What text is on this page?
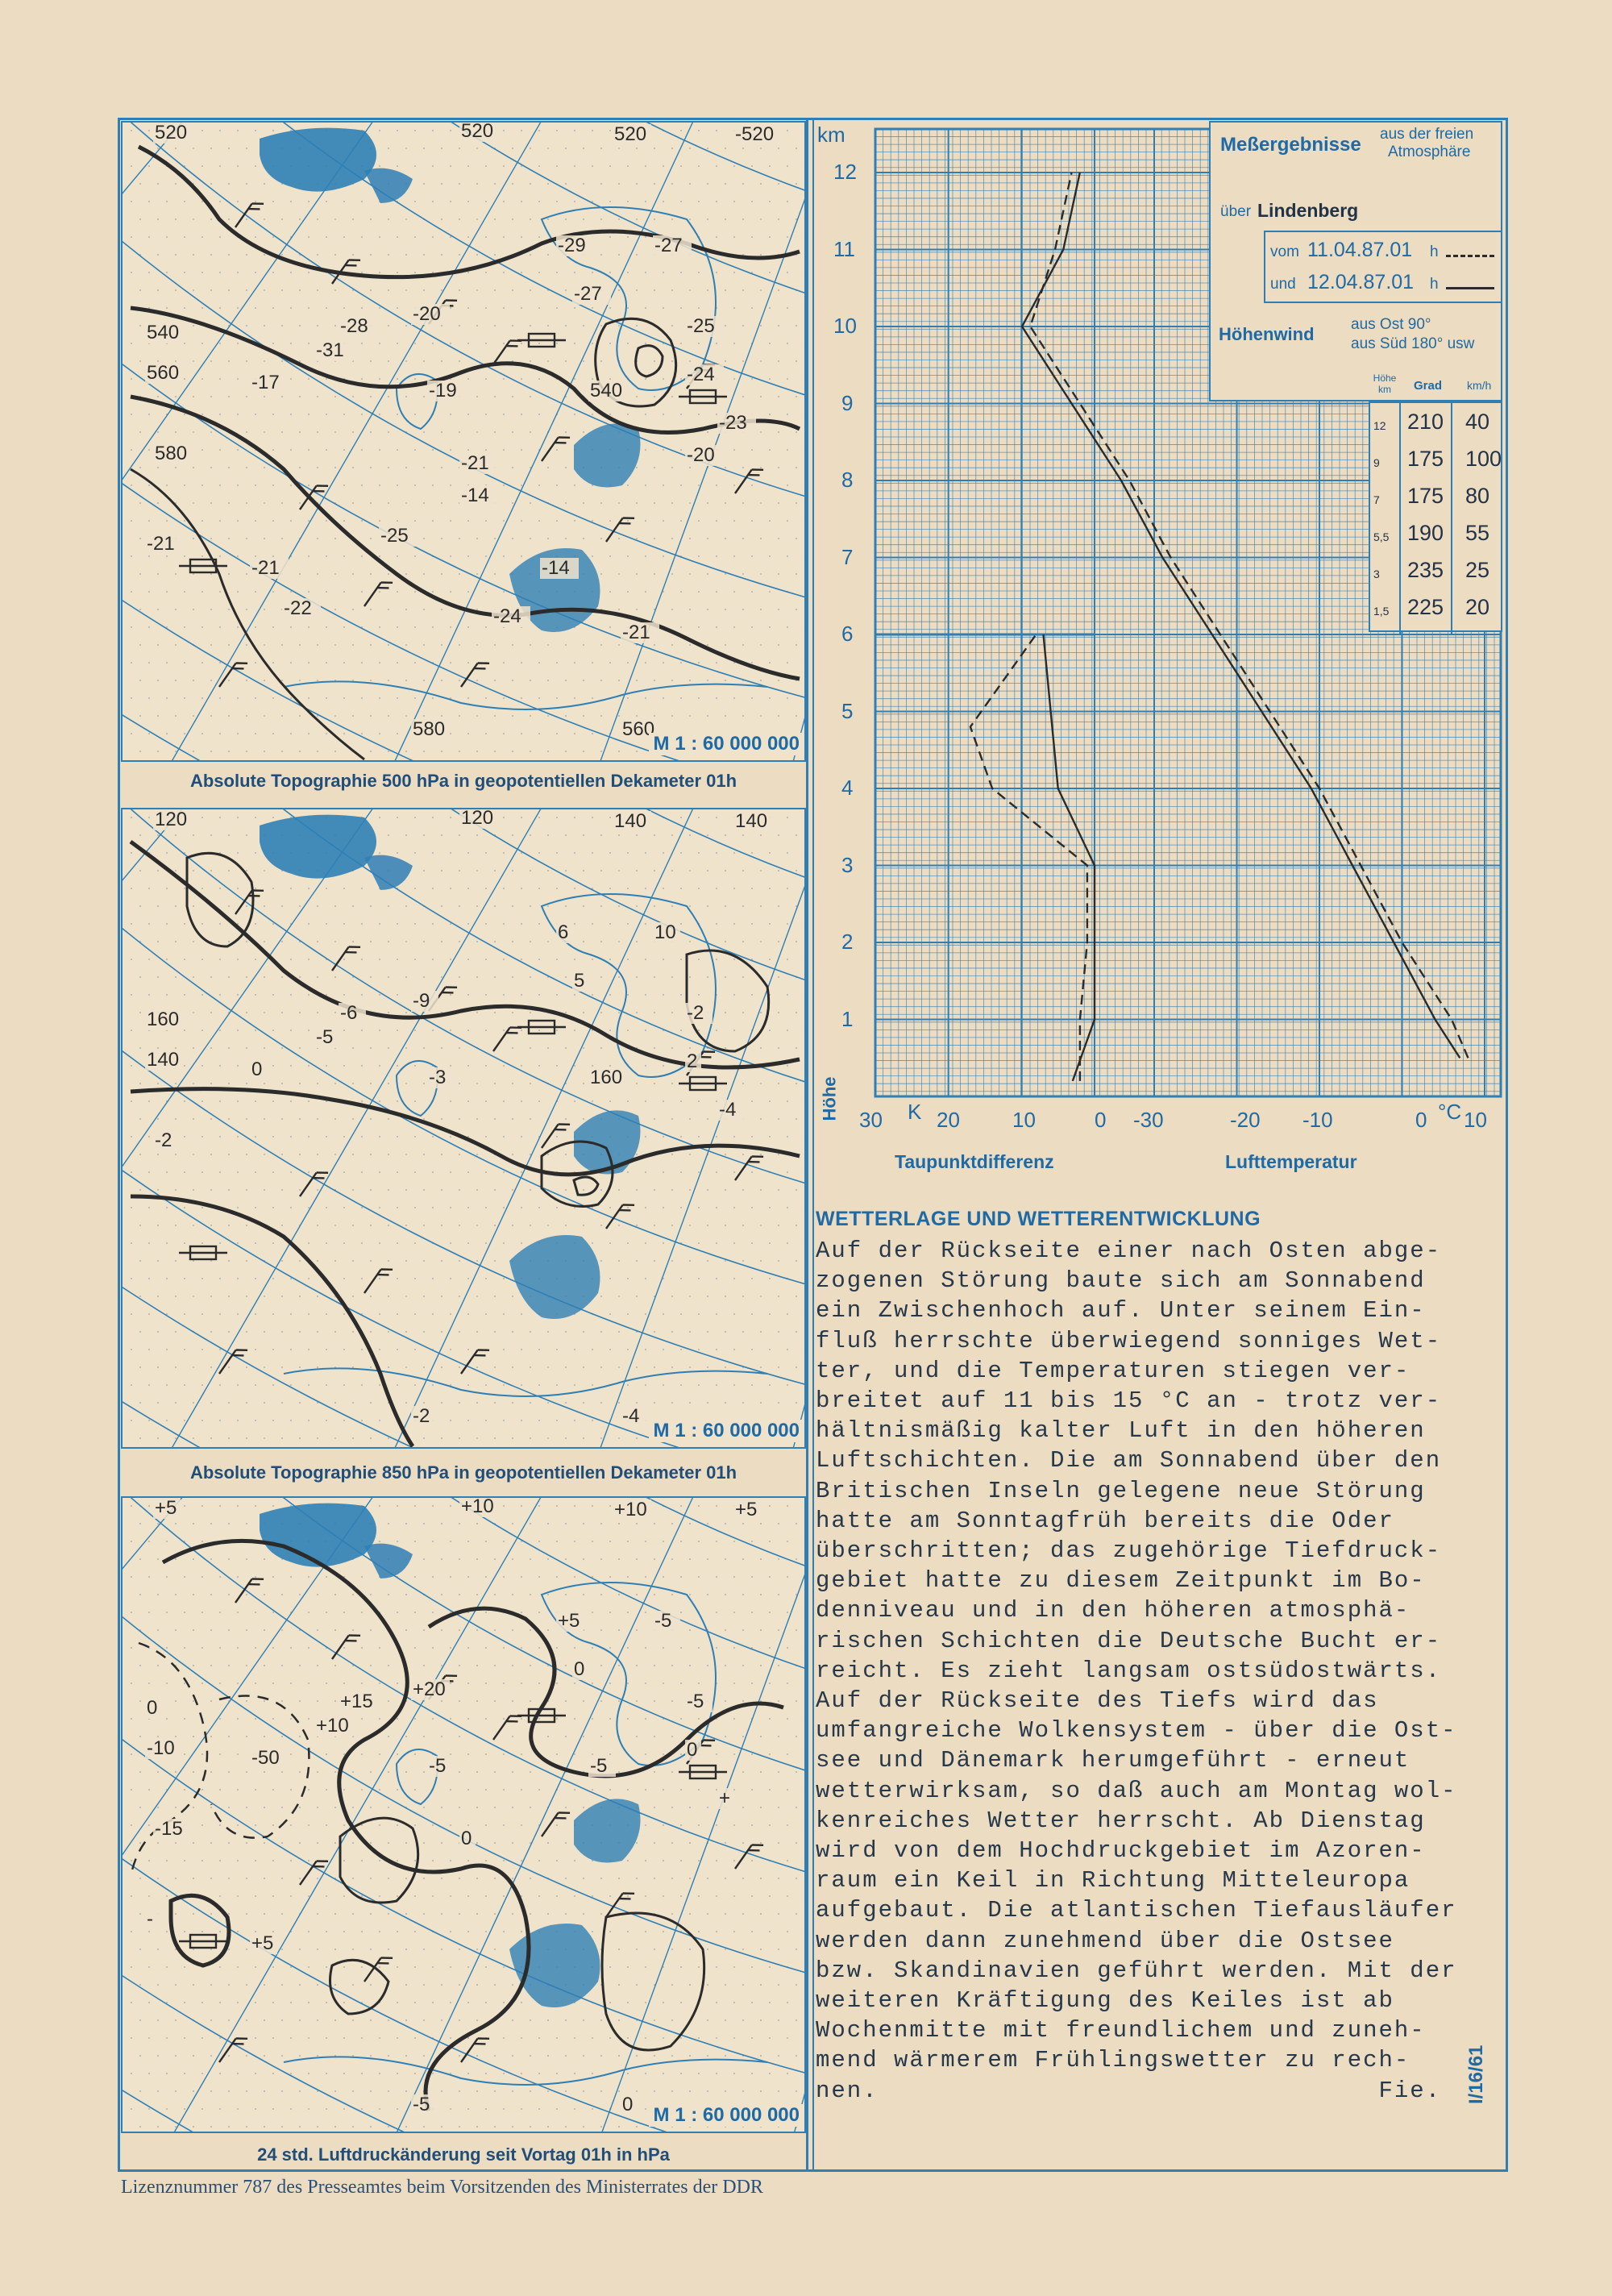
520	520	520	-520
540
540
560
580
580	560
-31
-28
-20
-19
-17
-27
-29	-27
-25
-24
-23
-21
-21
-21
-14
-14
-20
-21
-24
-22
-25
M 1 : 60 000 000
Absolute Topographie 500 hPa in geopotentiellen Dekameter 01h
120	120	140	140
160
160
140
-2
-2	-4
-5
-6
-9
-3
0
5
6	10
-2
2
-4
M 1 : 60 000 000
Absolute Topographie 850 hPa in geopotentiellen Dekameter 01h
+5	+10	+10	+5
0
-5
-10
-15
-5	0
+10
+15
+20
-5
-50
0
+5	-5
-5
0
+
-
+5
0
M 1 : 60 000 000
24 std. Luftdruckänderung seit Vortag 01h in hPa
km
Höhe
1
2
3
4
5
6
7
8
9
10
11
12
30 K 20	10	0 -30	-20 -10	0 °C 10
Taupunktdifferenz	Lufttemperatur
Meßergebnisse aus der freien
Atmosphäre
über Lindenberg
vom 11.04.87.01 h
und 12.04.87.01 h
Höhenwind aus Ost 90°
aus Süd 180° usw
Höhe km	Grad km/h
12 210 40
9 175 100
7 175 80
5,5 190 55
3 235 25
1,5 225 20
WETTERLAGE UND WETTERENTWICKLUNG
Auf der Rückseite einer nach Osten abge-
zogenen Störung baute sich am Sonnabend
ein Zwischenhoch auf. Unter seinem Ein-
fluß herrschte überwiegend sonniges Wet-
ter, und die Temperaturen stiegen ver-
breitet auf 11 bis 15 °C an - trotz ver-
hältnismäßig kalter Luft in den höheren
Luftschichten. Die am Sonnabend über den
Britischen Inseln gelegene neue Störung
hatte am Sonntagfrüh bereits die Oder
überschritten; das zugehörige Tiefdruck-
gebiet hatte zu diesem Zeitpunkt im Bo-
denniveau und in den höheren atmosphä-
rischen Schichten die Deutsche Bucht er-
reicht. Es zieht langsam ostsüdostwärts.
Auf der Rückseite des Tiefs wird das
umfangreiche Wolkensystem - über die Ost-
see und Dänemark herumgeführt - erneut
wetterwirksam, so daß auch am Montag wol-
kenreiches Wetter herrscht. Ab Dienstag
wird von dem Hochdruckgebiet im Azoren-
raum ein Keil in Richtung Mitteleuropa
aufgebaut. Die atlantischen Tiefausläufer
werden dann zunehmend über die Ostsee
bzw. Skandinavien geführt werden. Mit der
weiteren Kräftigung des Keiles ist ab
Wochenmitte mit freundlichem und zuneh-
mend wärmerem Frühlingswetter zu rech-
nen.                                Fie.
Lizenznummer 787 des Presseamtes beim Vorsitzenden des Ministerrates der DDR
I/16/61
